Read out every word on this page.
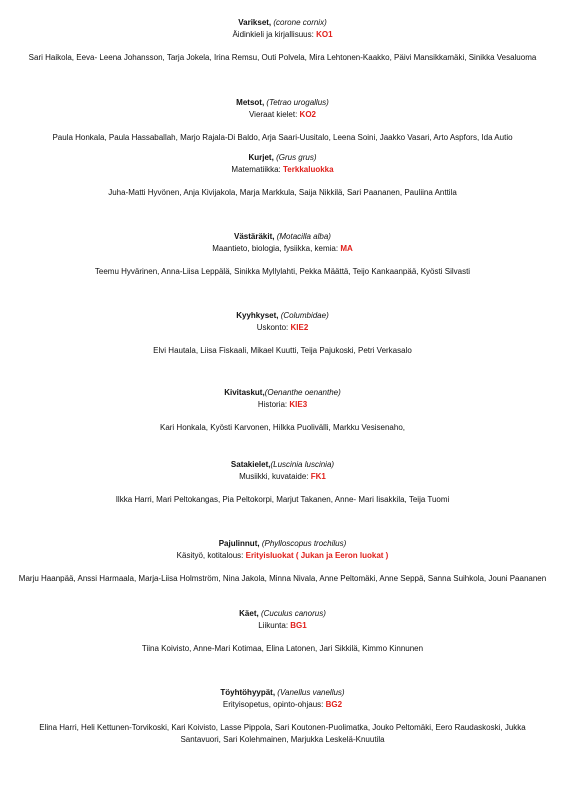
Varikset, (corone cornix)

Äidinkieli ja kirjallisuus: KO1

Sari Haikola, Eeva- Leena Johansson, Tarja Jokela, Irina Remsu, Outi Polvela, Mira Lehtonen-Kaakko, Päivi Mansikkamäki, Sinikka Vesaluoma

Metsot, (Tetrao urogallus)

Vieraat kielet: KO2

Paula Honkala, Paula Hassaballah, Marjo Rajala-Di Baldo, Arja Saari-Uusitalo, Leena Soini, Jaakko Vasari, Arto Aspfors, Ida Autio

Kurjet, (Grus grus)

Matematiikka: Terkkaluokka

Juha-Matti Hyvönen, Anja Kivijakola, Marja Markkula, Saija Nikkilä, Sari Paananen, Pauliina Anttila

Västäräkit, (Motacilla alba)

Maantieto, biologia, fysiikka, kemia: MA

Teemu Hyvärinen, Anna-Liisa Leppälä, Sinikka Myllylahti, Pekka Määttä, Teijo Kankaanpää, Kyösti Silvasti

Kyyhkyset, (Columbidae)

Uskonto: KIE2

Elvi Hautala, Liisa Fiskaali, Mikael Kuutti, Teija Pajukoski, Petri Verkasalo

Kivitaskut,(Oenanthe oenanthe)

Historia: KIE3

Kari Honkala, Kyösti Karvonen, Hilkka Puolivälli, Markku Vesisenaho,

Satakielet,(Luscinia luscinia)

Musiikki, kuvataide: FK1

Ilkka Harri, Mari Peltokangas, Pia Peltokorpi, Marjut Takanen, Anne- Mari Iisakkila, Teija Tuomi

Pajulinnut, (Phylloscopus trochilus)

Käsityö, kotitalous: Erityisluokat ( Jukan ja Eeron luokat )

Marju Haanpää, Anssi Harmaala, Marja-Liisa Holmström, Nina Jakola, Minna Nivala, Anne Peltomäki, Anne Seppä, Sanna Suihkola, Jouni Paananen

Käet, (Cuculus canorus)

Liikunta: BG1

Tiina Koivisto, Anne-Mari Kotimaa, Elina Latonen, Jari Sikkilä, Kimmo Kinnunen

Töyhtöhyypät, (Vanellus vanellus)

Erityisopetus, opinto-ohjaus: BG2

Elina Harri, Heli Kettunen-Torvikoski, Kari Koivisto, Lasse Pippola, Sari Koutonen-Puolimatka, Jouko Peltomäki, Eero Raudaskoski, Jukka Santavuori, Sari Kolehmainen, Marjukka Leskelä-Knuutila
